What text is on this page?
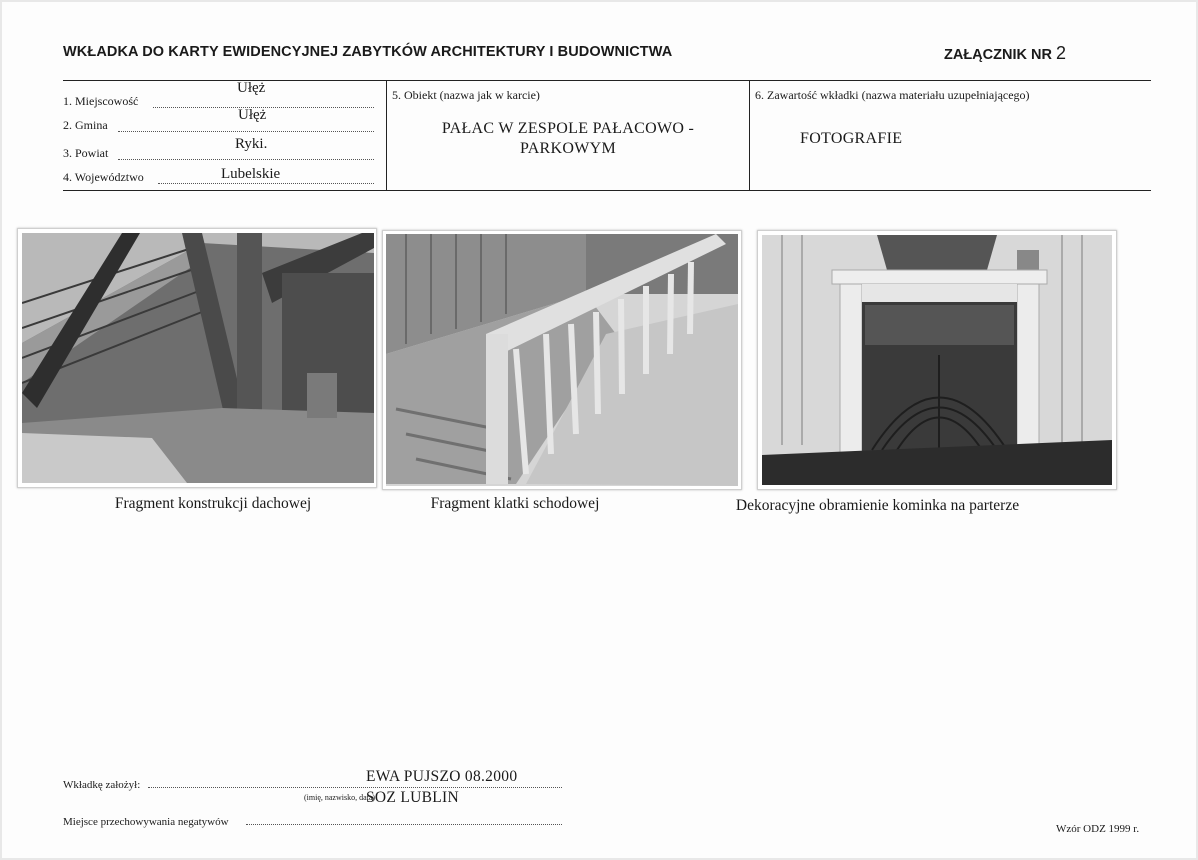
WKŁADKA DO KARTY EWIDENCYJNEJ ZABYTKÓW ARCHITEKTURY I BUDOWNICTWA	ZAŁĄCZNIK NR 2
1. Miejscowość
Ułęż
2. Gmina
Ułęż
3. Powiat
Ryki.
4. Województwo	Lubelskie
5. Obiekt (nazwa jak w karcie)
PAŁAC W ZESPOLE PAŁACOWO -
PARKOWYM
6. Zawartość wkładki (nazwa materiału uzupełniającego)
FOTOGRAFIE
Fragment konstrukcji dachowej	Fragment klatki schodowej	Dekoracyjne obramienie kominka na parterze
Wkładkę założył:	EWA PUJSZO 08.2000
(imię, nazwisko, data)
SOZ LUBLIN
Miejsce przechowywania negatywów
Wzór ODZ 1999 r.
